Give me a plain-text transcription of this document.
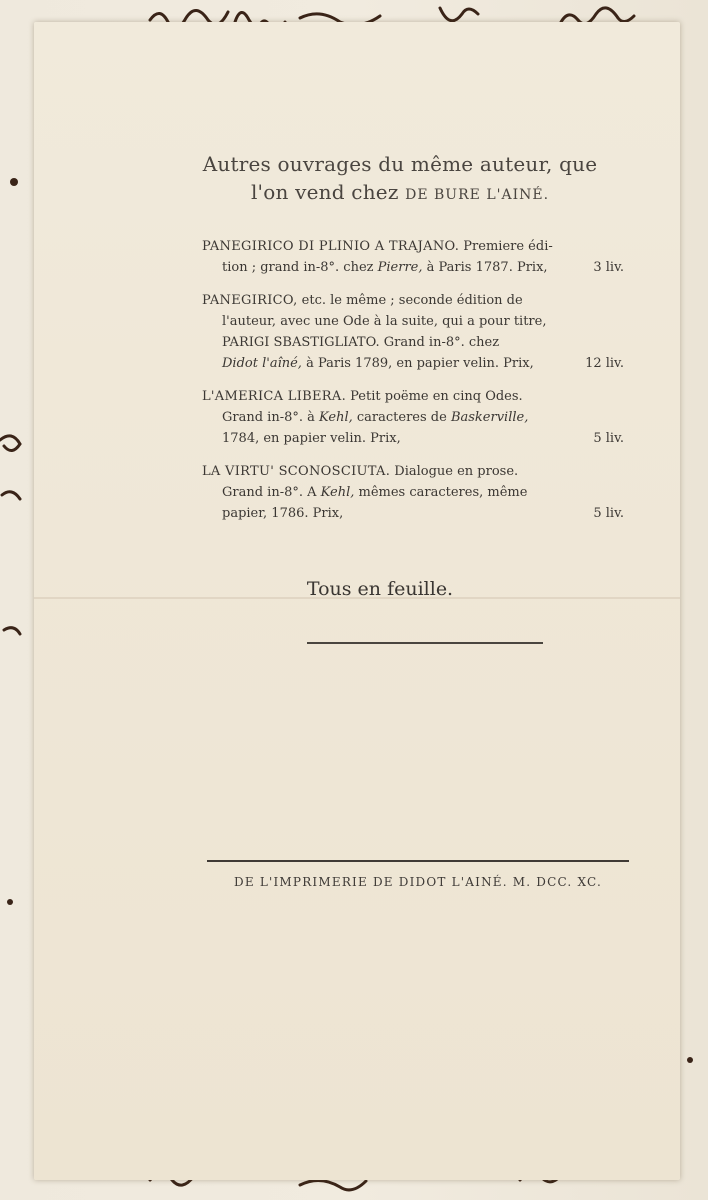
Autres ouvrages du même auteur, que
l'on vend chez DE BURE L'AINÉ.
PANEGIRICO DI PLINIO A TRAJANO. Premiere édi-
tion ; grand in-8°. chez Pierre, à Paris 1787. Prix,	3 liv.
PANEGIRICO, etc. le même ; seconde édition de
l'auteur, avec une Ode à la suite, qui a pour titre,
PARIGI SBASTIGLIATO. Grand in-8°. chez
Didot l'aîné, à Paris 1789, en papier velin. Prix,	12 liv.
L'AMERICA LIBERA. Petit poëme en cinq Odes.
Grand in-8°. à Kehl, caracteres de Baskerville,
1784, en papier velin. Prix,	5 liv.
LA VIRTU' SCONOSCIUTA. Dialogue en prose.
Grand in-8°. A Kehl, mêmes caracteres, même
papier, 1786. Prix,	5 liv.
Tous en feuille.
DE L'IMPRIMERIE DE DIDOT L'AINÉ. M. DCC. XC.
